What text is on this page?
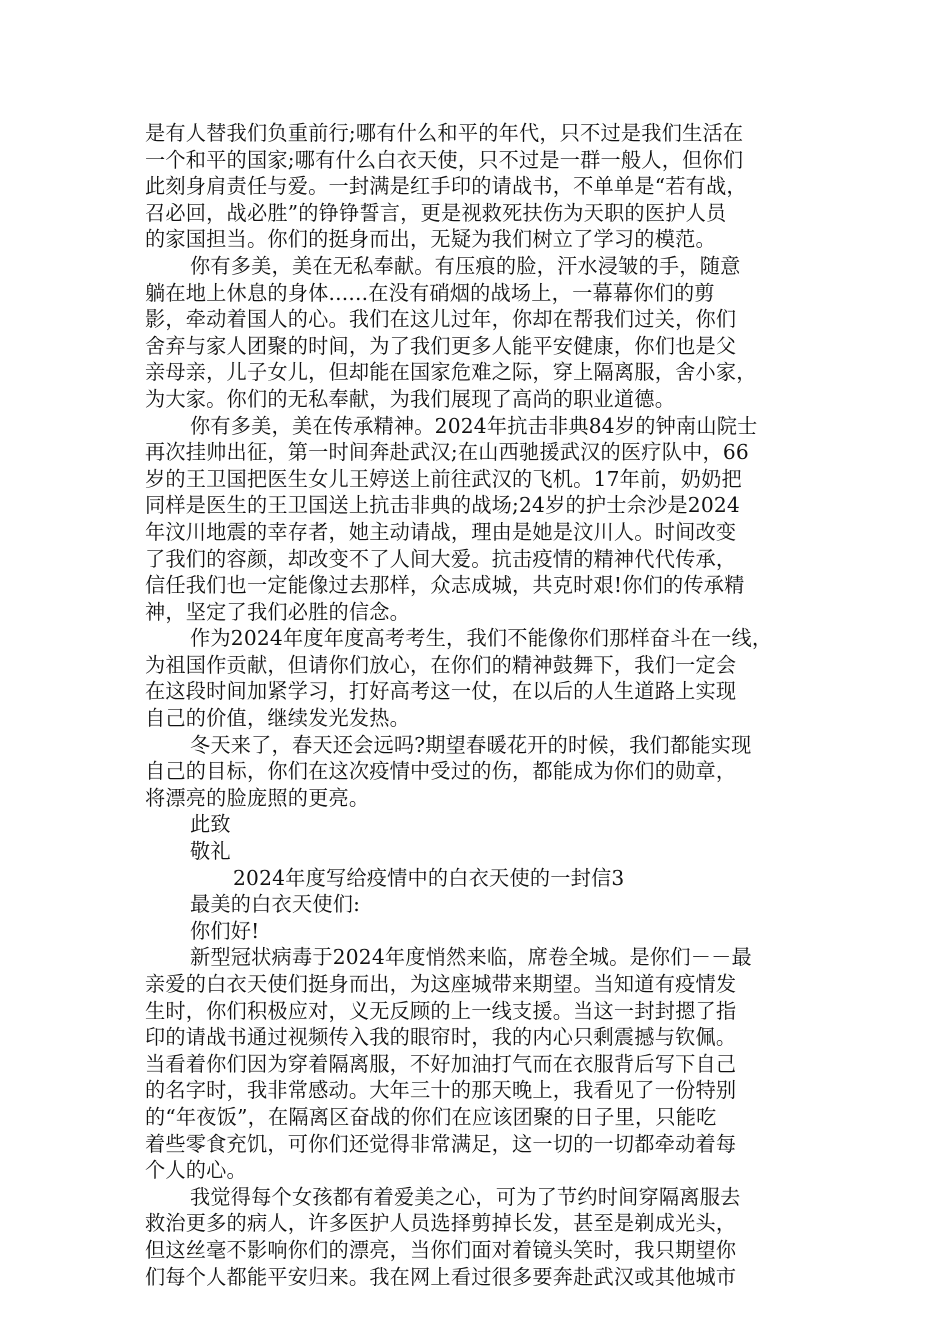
是有人替我们负重前行;哪有什么和平的年代，只不过是我们生活在
一个和平的国家;哪有什么白衣天使，只不过是一群一般人，但你们
此刻身肩责任与爱。一封满是红手印的请战书，不单单是“若有战，
召必回，战必胜”的铮铮誓言，更是视救死扶伤为天职的医护人员
的家国担当。你们的挺身而出，无疑为我们树立了学习的模范。
你有多美，美在无私奉献。有压痕的脸，汗水浸皱的手，随意
躺在地上休息的身体......在没有硝烟的战场上，一幕幕你们的剪
影，牵动着国人的心。我们在这儿过年，你却在帮我们过关，你们
舍弃与家人团聚的时间，为了我们更多人能平安健康，你们也是父
亲母亲，儿子女儿，但却能在国家危难之际，穿上隔离服，舍小家，
为大家。你们的无私奉献，为我们展现了高尚的职业道德。
你有多美，美在传承精神。2024年抗击非典84岁的钟南山院士
再次挂帅出征，第一时间奔赴武汉;在山西驰援武汉的医疗队中，66
岁的王卫国把医生女儿王婷送上前往武汉的飞机。17年前，奶奶把
同样是医生的王卫国送上抗击非典的战场;24岁的护士佘沙是2024
年汶川地震的幸存者，她主动请战，理由是她是汶川人。时间改变
了我们的容颜，却改变不了人间大爱。抗击疫情的精神代代传承，
信任我们也一定能像过去那样，众志成城，共克时艰!你们的传承精
神，坚定了我们必胜的信念。
作为2024年度年度高考考生，我们不能像你们那样奋斗在一线，
为祖国作贡献，但请你们放心，在你们的精神鼓舞下，我们一定会
在这段时间加紧学习，打好高考这一仗，在以后的人生道路上实现
自己的价值，继续发光发热。
冬天来了，春天还会远吗?期望春暖花开的时候，我们都能实现
自己的目标，你们在这次疫情中受过的伤，都能成为你们的勋章，
将漂亮的脸庞照的更亮。
此致
敬礼
2024年度写给疫情中的白衣天使的一封信3
最美的白衣天使们:
你们好!
新型冠状病毒于2024年度悄然来临，席卷全城。是你们－－最
亲爱的白衣天使们挺身而出，为这座城带来期望。当知道有疫情发
生时，你们积极应对，义无反顾的上一线支援。当这一封封摁了指
印的请战书通过视频传入我的眼帘时，我的内心只剩震撼与钦佩。
当看着你们因为穿着隔离服，不好加油打气而在衣服背后写下自己
的名字时，我非常感动。大年三十的那天晚上，我看见了一份特别
的“年夜饭”，在隔离区奋战的你们在应该团聚的日子里，只能吃
着些零食充饥，可你们还觉得非常满足，这一切的一切都牵动着每
个人的心。
我觉得每个女孩都有着爱美之心，可为了节约时间穿隔离服去
救治更多的病人，许多医护人员选择剪掉长发，甚至是剃成光头，
但这丝毫不影响你们的漂亮，当你们面对着镜头笑时，我只期望你
们每个人都能平安归来。我在网上看过很多要奔赴武汉或其他城市
